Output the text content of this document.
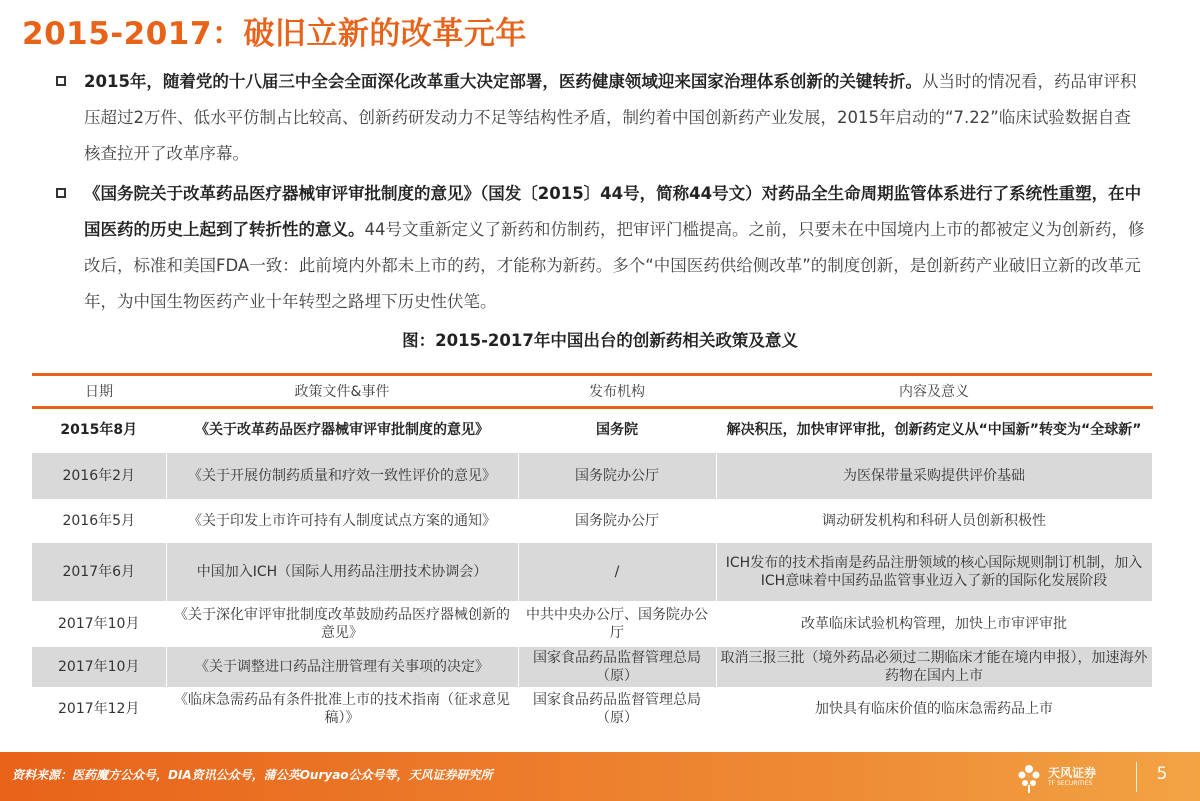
2015-2017：破旧立新的改革元年
2015年，随着党的十八届三中全会全面深化改革重大决定部署，医药健康领域迎来国家治理体系创新的关键转折。从当时的情况看，药品审评积压超过2万件、低水平仿制占比较高、创新药研发动力不足等结构性矛盾，制约着中国创新药产业发展，2015年启动的“7.22”临床试验数据自查核查拉开了改革序幕。
《国务院关于改革药品医疗器械审评审批制度的意见》（国发〔2015〕44号，简称44号文）对药品全生命周期监管体系进行了系统性重塑，在中国医药的历史上起到了转折性的意义。44号文重新定义了新药和仿制药，把审评门槛提高。之前，只要未在中国境内上市的都被定义为创新药，修改后，标准和美国FDA一致：此前境内外都未上市的药，才能称为新药。多个“中国医药供给侧改革”的制度创新，是创新药产业破旧立新的改革元年，为中国生物医药产业十年转型之路埋下历史性伏笔。
图：2015-2017年中国出台的创新药相关政策及意义
日期	政策文件&事件	发布机构	内容及意义
2015年8月	《关于改革药品医疗器械审评审批制度的意见》	国务院	解决积压，加快审评审批，创新药定义从“中国新”转变为“全球新”
2016年2月	《关于开展仿制药质量和疗效一致性评价的意见》	国务院办公厅	为医保带量采购提供评价基础
2016年5月	《关于印发上市许可持有人制度试点方案的通知》	国务院办公厅	调动研发机构和科研人员创新积极性
2017年6月	中国加入ICH（国际人用药品注册技术协调会）	/	ICH发布的技术指南是药品注册领域的核心国际规则制订机制，加入ICH意味着中国药品监管事业迈入了新的国际化发展阶段
2017年10月	《关于深化审评审批制度改革鼓励药品医疗器械创新的意见》	中共中央办公厅、国务院办公厅	改革临床试验机构管理，加快上市审评审批
2017年10月	《关于调整进口药品注册管理有关事项的决定》	国家食品药品监督管理总局（原）	取消三报三批（境外药品必须过二期临床才能在境内申报），加速海外药物在国内上市
2017年12月	《临床急需药品有条件批准上市的技术指南（征求意见稿）》	国家食品药品监督管理总局（原）	加快具有临床价值的临床急需药品上市
资料来源：医药魔方公众号，DIA资讯公众号，蒲公英Ouryao公众号等，天风证券研究所	天风证券
TF SECURITIES	5
